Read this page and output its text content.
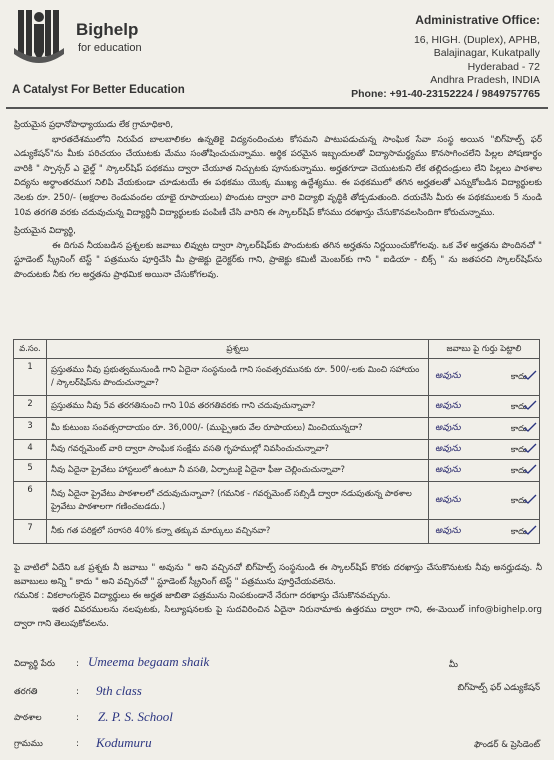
Bighelp
for education
A Catalyst For Better Education
Administrative Office:
16, HIGH. (Duplex), APHB,
Balajinagar, Kukatpally
Hyderabad - 72
Andhra Pradesh, INDIA
Phone: +91-40-23152224 / 9849757765

ప్రియమైన ప్రధానోపాధ్యాయుడు లేక గ్రామాధికారి,

భారతదేశములోని నిరుపేద బాలబాలికల ఉన్నతికై విద్యనందించుట కోసమని పాటుపడుచున్న సాంఘిక సేవా సంస్థ అయిన "బిగ్‌హెల్ప్ ఫర్ ఎడ్యుకేషన్"ను మీకు పరిచయం చేయుటకు మేము సంతోషించుచున్నాము. అర్థిక పరమైన ఇబ్బందులతో విద్యాసామర్థ్యము కొనసాగించలేని పిల్లల పోషణార్థం వారికి " స్పాన్సర్ ఎ ఛైల్డ్ " స్కాలర్‌షిప్ పథకము ద్వారా చేయూత నిచ్చుటకు పూనుకున్నాము. అర్హతగూడా చెయుటకుని లేక తల్లిదండ్రులు లేని పిల్లలు పాఠశాల విద్యను అర్ధాంతరముగ నిలిపి వేయకుండా చూడుటయే ఈ పథకము యొక్క ముఖ్య ఉద్దేశ్యము. ఈ పథకములో తగిన అర్హతలతో ఎన్నుకోబడిన విద్యార్థులకు నెలకు రూ. 250/- (అక్షరాల రెండువందల యాభై రూపాయలు) పొందుట ద్వారా వారి విద్యాభి వృద్ధికి తోడ్పడుతుంది. దయచేసి మీరు ఈ పథకములకు 5 నుండి 10వ తరగతి వరకు చదువుచున్న విద్యార్థినీ విద్యార్థులకు పంపిణీ చేసి వారిని ఈ స్కాలర్‌షిప్ కోసము దరఖాస్తు చేసుకొనవలసిందిగా కోరుచున్నాము.

ప్రియమైన విద్యార్థి,

ఈ దిగువ నీయబడిన ప్రశ్నలకు జవాబు లివ్వుట ద్వారా స్కాలర్‌షిప్‌కు పొందుటకు తగిన అర్హతను నిర్ణయించుకోగలవు. ఒక వేళ అర్హతను పొందినచో " స్టూడెంట్ స్క్రీనింగ్ టెస్ట్ " పత్రమును పూర్తిచేసి మీ ప్రాజెక్టు డైరెక్టర్‌కు గాని, ప్రాజెక్టు కమిటీ మెంబర్‌కు గాని " ఐడియా - బిక్స్ " ను జతపరచి స్కాలర్‌షిప్‌ను పొందుటకు నీకు గల అర్హతను ప్రాథమిక అయినా చేసుకోగలవు.

వ.సం.	ప్రశ్నలు	జవాబు పై గుర్తు పెట్టాలి
1	ప్రస్తుతము నీవు ప్రభుత్వమునుండి గాని ఏదైనా సంస్థనుండి గాని సంవత్సరమునకు రూ. 500/-లకు మించి సహాయం / స్కాలర్‌షిప్‌ను పొందుచున్నావా?	అవును కాదు

2	ప్రస్తుతము నీవు 5వ తరగతినుంచి గాని 10వ తరగతివరకు గాని చదువుచున్నావా?	అవును కాదు

3	మీ కుటుంబ సంవత్సరాదాయం రూ. 36,000/- (ముప్పైఆరు వేల రూపాయలు) మించియున్నదా?	అవును కాదు

4	నీవు గవర్నమెంట్ వారి ద్వారా సాంఘిక సంక్షేమ వసతి గృహముల్లో నివసించుచున్నావా?	అవును కాదు

5	నీవు ఏదైనా ప్రైవేటు హాస్టలులో ఉంటూ నీ వసతి, ఏర్పాటుకై ఏదైనా ఫీజు చెల్లించుచున్నావా?	అవును కాదు

6	నీవు ఏదైనా ప్రైవేటు పాఠశాలలో చదువుచున్నావా? (గమనిక - గవర్నమెంట్ సబ్సిడీ ద్వారా నడుపుతున్న పాఠశాల ప్రైవేటు పాఠశాలగా గణించబడదు.)	అవును కాదు

7	నీకు గత పరిక్షలో సరాసరి 40% కన్నా తక్కువ మార్కులు వచ్చినవా?	అవును కాదు

పై వాటిలో ఏదేని ఒక ప్రశ్నకు నీ జవాబు " అవును " అని వచ్చినచో బిగ్‌హెల్ప్ సంస్థనుండి ఈ స్కాలర్‌షిప్ కొరకు దరఖాస్తు చేసుకొనుటకు నీవు అనర్హుడవు. నీ జవాబులు అన్ని " కాదు " అని వచ్చినచో " స్టూడెంట్ స్క్రీనింగ్ టెస్ట్ " పత్రమును పూర్తిచేయవలెను.

గమనిక : వికలాంగులైన విద్యార్థులు ఈ అర్హత జాబితా పత్రమును నింపకుండానే నేరుగా దరఖాస్తు చేసుకొనవచ్చును.

ఇతర వివరములను నలపుటకు, సిల్యూషనలకు పై సుదవిరించిన ఏదైనా నిరునామాకు ఉత్తరము ద్వారా గాని, ఈ-మెయిల్ info@bighelp.org ద్వారా గాని తెలుపుకోవలను.

విద్యార్థి పేరు : Umeema begaam shaik
తరగతి	: 9th class
పాఠశాల	: Z. P. S. School
గ్రామము	: Kodumuru
మీ
బిగ్‌హెల్ప్ ఫర్ ఎడ్యుకేషన్
ఫౌండర్ & ప్రెసిడెంట్
